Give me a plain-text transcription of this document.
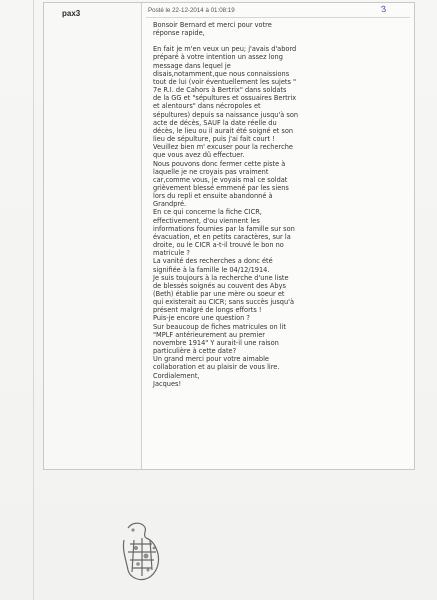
pax3	Posté le 22-12-2014 à 01:08:19	3

Bonsoir Bernard et merci pour votre
réponse rapide,

En fait je m'en veux un peu; j'avais d'abord
préparé à votre intention un assez long
message dans lequel je
disais,notamment,que nous connaissions
tout de lui (voir éventuellement les sujets "
7e R.I. de Cahors à Bertrix" dans soldats
de la GG et "sépultures et ossuaires Bertrix
et alentours" dans nécropoles et
sépultures) depuis sa naissance jusqu'à son
acte de décès, SAUF la date réelle du
décès, le lieu ou il aurait été soigné et son
lieu de sépulture, puis j'ai fait court !
Veuillez bien m' excuser pour la recherche
que vous avez dû effectuer.
Nous pouvons donc fermer cette piste à
laquelle je ne croyais pas vraiment
car,comme vous, je voyais mal ce soldat
grièvement blessé emmené par les siens
lors du repli et ensuite abandonné à
Grandpré.
En ce qui concerne la fiche CICR,
effectivement, d'ou viennent les
informations fournies par la famille sur son
évacuation, et en petits caractères, sur la
droite, ou le CICR a-t-il trouvé le bon no
matricule ?
La vanité des recherches a donc été
signifiée à la famille le 04/12/1914.
Je suis toujours à la recherche d'une liste
de blessés soignés au couvent des Abys
(Beth) établie par une mère ou soeur et
qui existerait au CICR; sans succès jusqu'à
présent malgré de longs efforts !
Puis-je encore une question ?
Sur beaucoup de fiches matricules on lit
"MPLF antérieurement au premier
novembre 1914" Y aurait-il une raison
particulière à cette date?
Un grand merci pour votre aimable
collaboration et au plaisir de vous lire.
Cordialement,
Jacques!
